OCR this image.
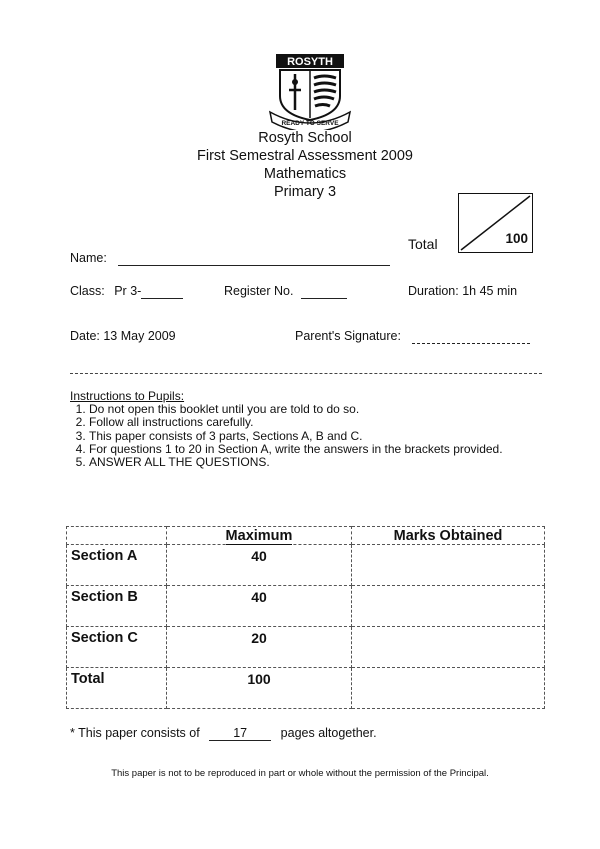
ROSYTH
READY TO SERVE
Rosyth School
First Semestral Assessment 2009
Mathematics
Primary 3
Total	100
Name:
Class: Pr 3-	Register No.	Duration: 1h 45 min
Date: 13 May 2009	Parent's Signature:
Instructions to Pupils:
1. Do not open this booklet until you are told to do so.
2. Follow all instructions carefully.
3. This paper consists of 3 parts, Sections A, B and C.
4. For questions 1 to 20 in Section A, write the answers in the brackets provided.
5. ANSWER ALL THE QUESTIONS.
	Maximum	Marks Obtained
Section A	40	
Section B	40	
Section C	20	
Total	100	
* This paper consists of	17	pages altogether.
This paper is not to be reproduced in part or whole without the permission of the Principal.
